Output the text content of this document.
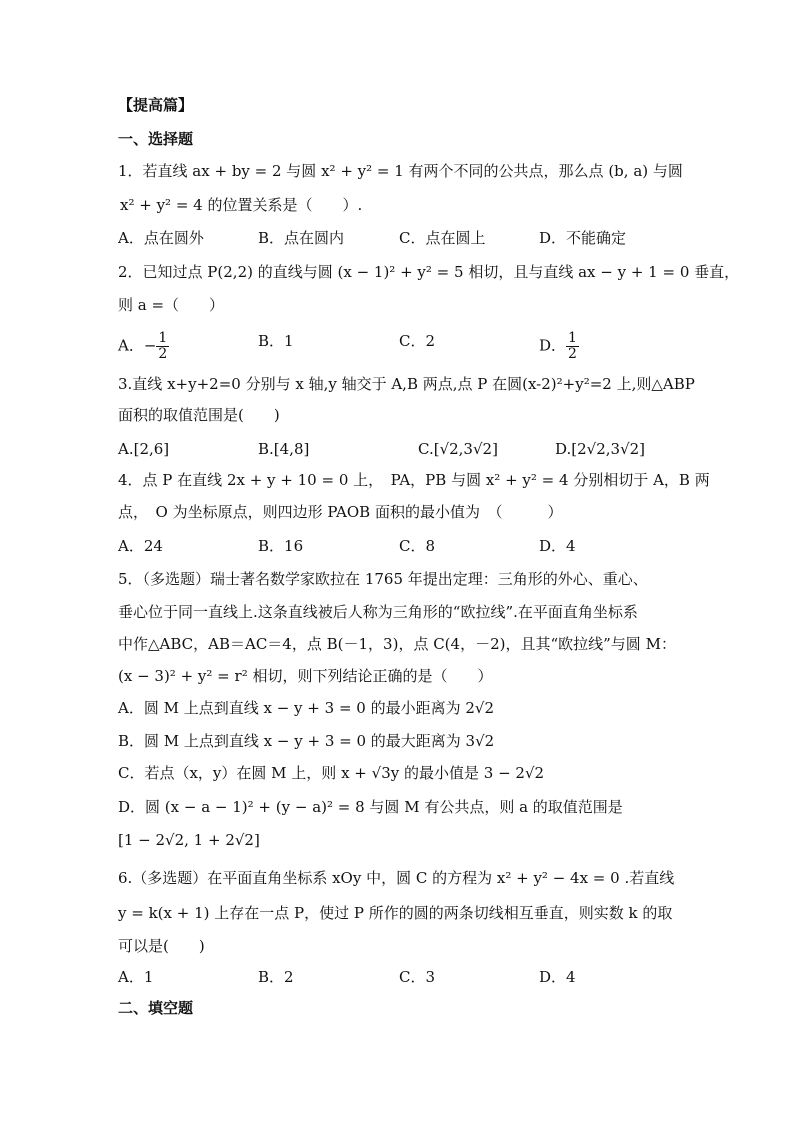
【提高篇】
一、选择题
1．若直线 ax + by = 2 与圆 x² + y² = 1 有两个不同的公共点，那么点 (b, a) 与圆
x² + y² = 4 的位置关系是（　　）.
A．点在圆外	B．点在圆内	C．点在圆上	D．不能确定
2．已知过点 P(2,2) 的直线与圆 (x − 1)² + y² = 5 相切，且与直线 ax − y + 1 = 0 垂直，
则 a =（　　）
A．− $\frac{1}{2}$	B．1	C．2	D． $\frac{1}{2}$
3.直线 x+y+2=0 分别与 x 轴,y 轴交于 A,B 两点,点 P 在圆(x-2)²+y²=2 上,则△ABP
面积的取值范围是(　　)
A.[2,6]	B.[4,8]	C.[√2,3√2]	D.[2√2,3√2]
4．点 P 在直线 2x + y + 10 = 0 上，　PA，PB 与圆 x² + y² = 4 分别相切于 A，B 两
点，　O 为坐标原点，则四边形 PAOB 面积的最小值为　（　　　）
A．24	B．16	C．8	D．4
5．（多选题）瑞士著名数学家欧拉在 1765 年提出定理：三角形的外心、重心、
垂心位于同一直线上.这条直线被后人称为三角形的“欧拉线”.在平面直角坐标系
中作△ABC，AB＝AC＝4，点 B(－1，3)，点 C(4，－2)，且其“欧拉线”与圆 M：
(x − 3)² + y² = r² 相切，则下列结论正确的是（　　）
A．圆 M 上点到直线 x − y + 3 = 0 的最小距离为 2√2
B．圆 M 上点到直线 x − y + 3 = 0 的最大距离为 3√2
C．若点（x，y）在圆 M 上，则 x + √3y 的最小值是 3 − 2√2
D．圆 (x − a − 1)² + (y − a)² = 8 与圆 M 有公共点，则 a 的取值范围是
[1 − 2√2, 1 + 2√2]
6.（多选题）在平面直角坐标系 xOy 中，圆 C 的方程为 x² + y² − 4x = 0 .若直线
y = k(x + 1) 上存在一点 P，使过 P 所作的圆的两条切线相互垂直，则实数 k 的取
可以是(　　)
A．1	B．2	C．3	D．4
二、填空题
